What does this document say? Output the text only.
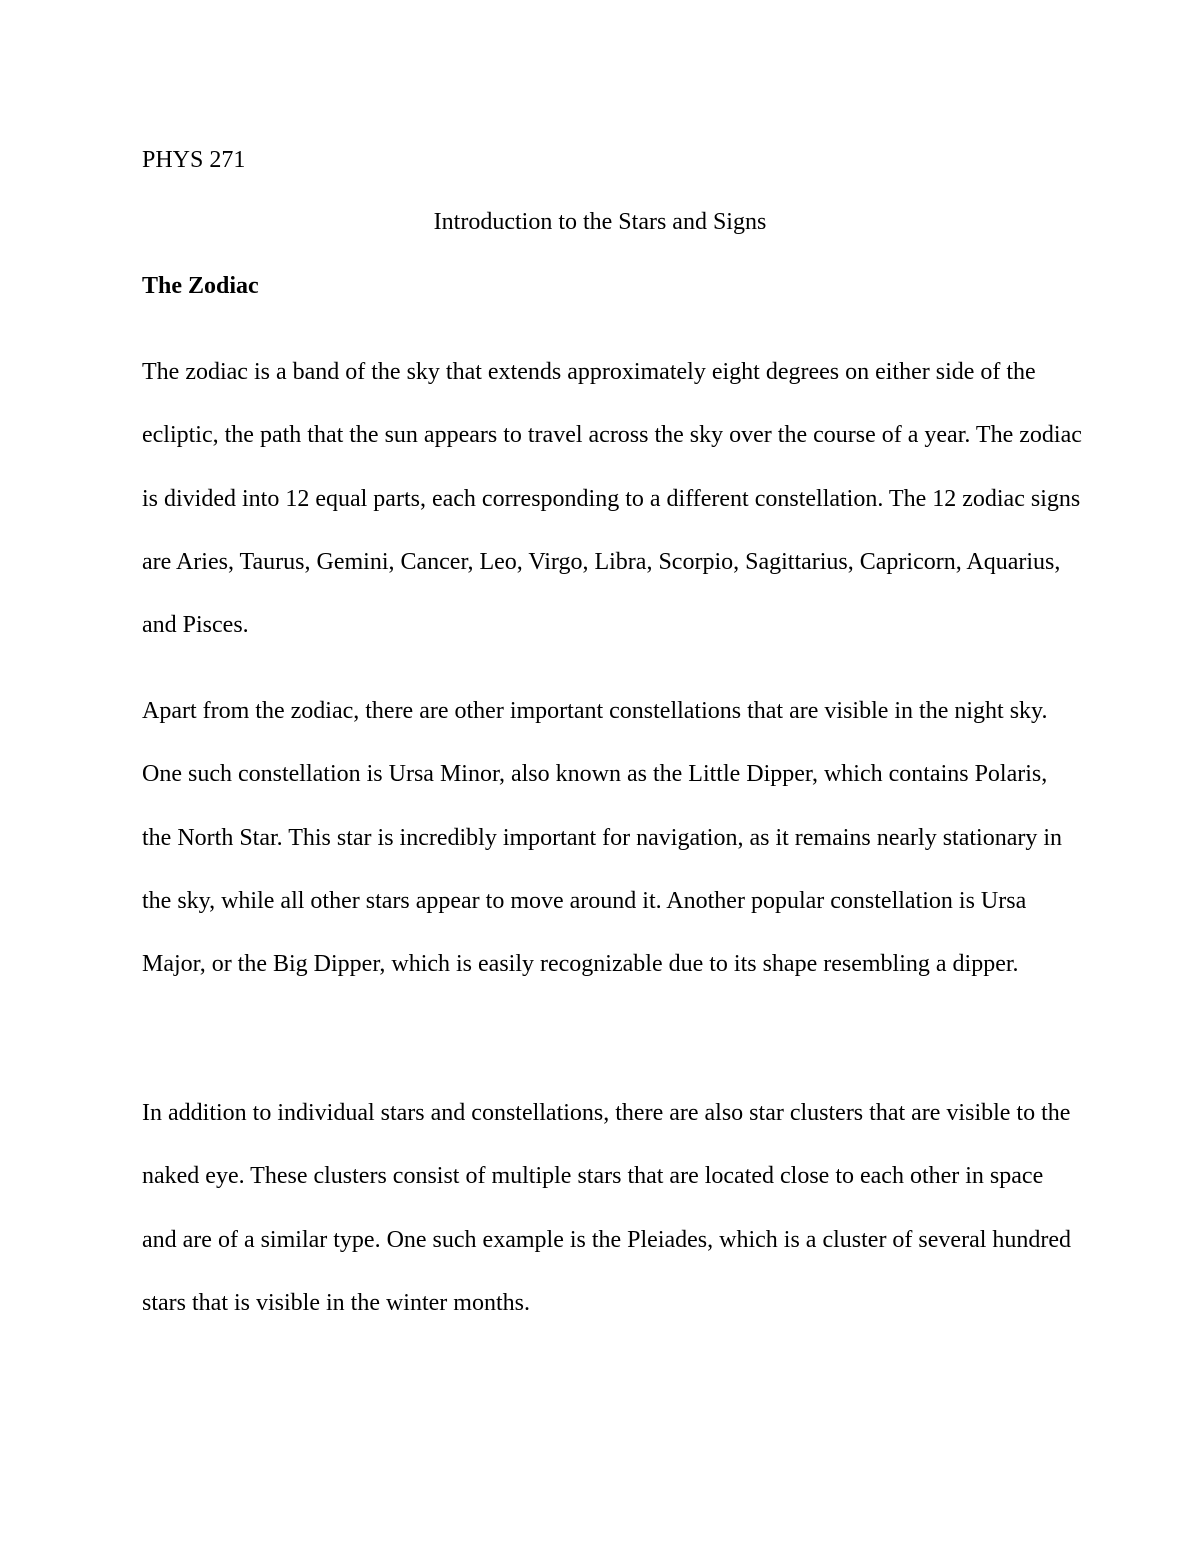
PHYS 271

Introduction to the Stars and Signs
The Zodiac

The zodiac is a band of the sky that extends approximately eight degrees on either side of the ecliptic, the path that the sun appears to travel across the sky over the course of a year. The zodiac is divided into 12 equal parts, each corresponding to a different constellation. The 12 zodiac signs are Aries, Taurus, Gemini, Cancer, Leo, Virgo, Libra, Scorpio, Sagittarius, Capricorn, Aquarius, and Pisces.

Apart from the zodiac, there are other important constellations that are visible in the night sky. One such constellation is Ursa Minor, also known as the Little Dipper, which contains Polaris, the North Star. This star is incredibly important for navigation, as it remains nearly stationary in the sky, while all other stars appear to move around it. Another popular constellation is Ursa Major, or the Big Dipper, which is easily recognizable due to its shape resembling a dipper.

In addition to individual stars and constellations, there are also star clusters that are visible to the naked eye. These clusters consist of multiple stars that are located close to each other in space and are of a similar type. One such example is the Pleiades, which is a cluster of several hundred stars that is visible in the winter months.
